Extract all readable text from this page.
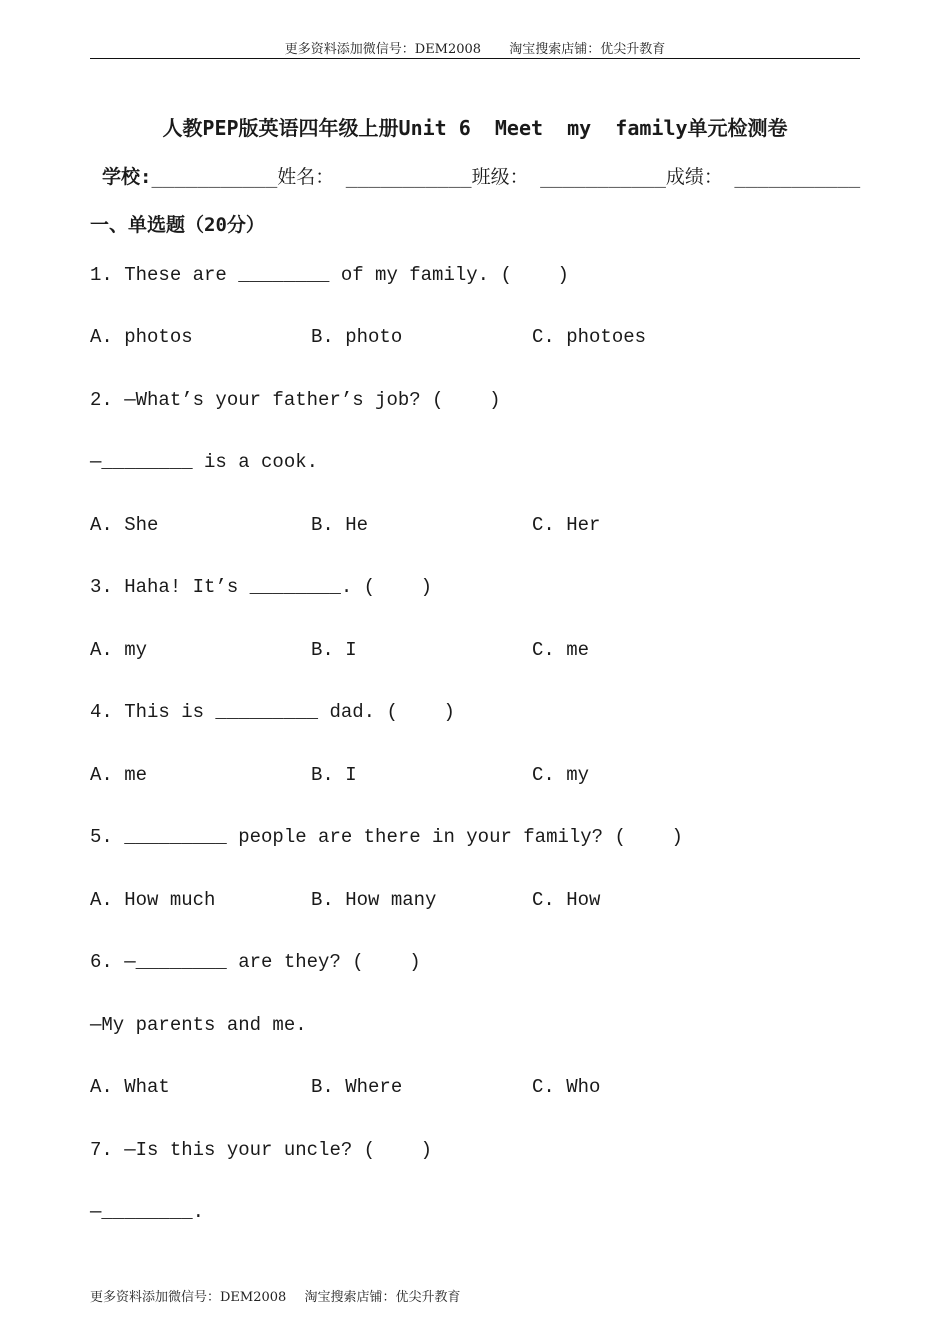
更多资料添加微信号：DEM2008 淘宝搜索店铺：优尖升教育
人教PEP版英语四年级上册Unit 6  Meet  my  family单元检测卷
学校:___________姓名： ___________班级： ___________成绩： ___________
一、单选题（20分）
1. These are ________ of my family. (    )
A. photos	B. photo	C. photoes
2. —What’s your father’s job? (    )
—________ is a cook.
A. She	B. He	C. Her
3. Haha! It’s ________. (    )
A. my	B. I	C. me
4. This is _________ dad. (    )
A. me	B. I	C. my
5. _________ people are there in your family? (    )
A. How much	B. How many	C. How
6. —________ are they? (    )
—My parents and me.
A. What	B. Where	C. Who
7. —Is this your uncle? (    )
—________.
更多资料添加微信号：DEM2008 淘宝搜索店铺：优尖升教育
